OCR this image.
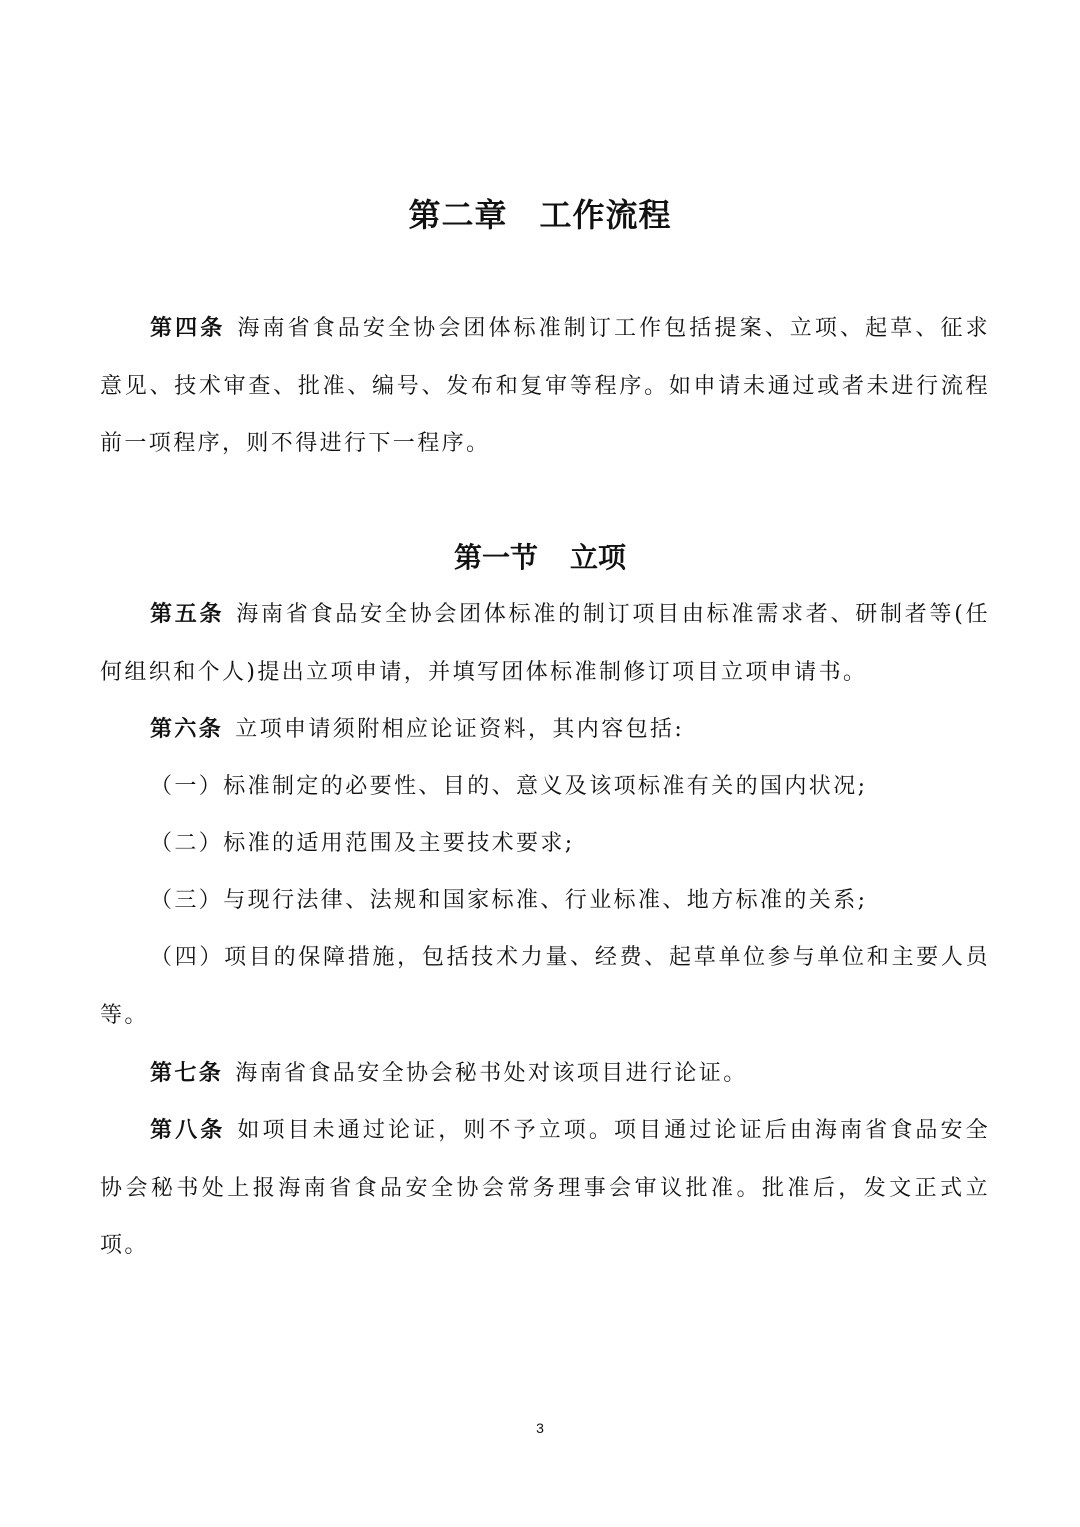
第二章 工作流程

第四条 海南省食品安全协会团体标准制订工作包括提案、立项、起草、征求意见、技术审查、批准、编号、发布和复审等程序。如申请未通过或者未进行流程前一项程序，则不得进行下一程序。

第一节 立项

第五条 海南省食品安全协会团体标准的制订项目由标准需求者、研制者等(任何组织和个人)提出立项申请，并填写团体标准制修订项目立项申请书。

第六条 立项申请须附相应论证资料，其内容包括:

（一）标准制定的必要性、目的、意义及该项标准有关的国内状况;

（二）标准的适用范围及主要技术要求;

（三）与现行法律、法规和国家标准、行业标准、地方标准的关系;

（四）项目的保障措施，包括技术力量、经费、起草单位参与单位和主要人员等。

第七条 海南省食品安全协会秘书处对该项目进行论证。

第八条 如项目未通过论证，则不予立项。项目通过论证后由海南省食品安全协会秘书处上报海南省食品安全协会常务理事会审议批准。批准后，发文正式立项。

3
